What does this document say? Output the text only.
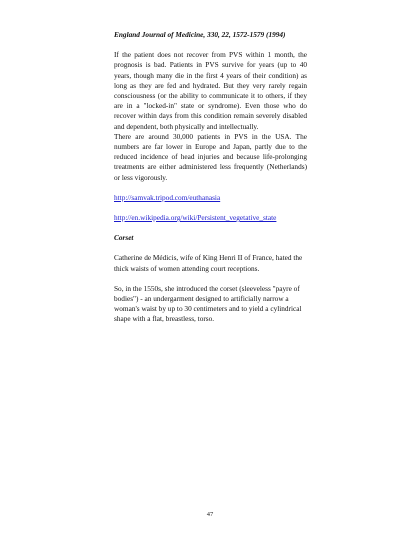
England Journal of Medicine, 330, 22, 1572-1579 (1994)

If the patient does not recover from PVS within 1 month, the prognosis is bad. Patients in PVS survive for years (up to 40 years, though many die in the first 4 years of their condition) as long as they are fed and hydrated. But they very rarely regain consciousness (or the ability to communicate it to others, if they are in a "locked-in" state or syndrome). Even those who do recover within days from this condition remain severely disabled and dependent, both physically and intellectually.

There are around 30,000 patients in PVS in the USA. The numbers are far lower in Europe and Japan, partly due to the reduced incidence of head injuries and because life-prolonging treatments are either administered less frequently (Netherlands) or less vigorously.

http://samvak.tripod.com/euthanasia
http://en.wikipedia.org/wiki/Persistent_vegetative_state

Corset

Catherine de Médicis, wife of King Henri II of France, hated the thick waists of women attending court receptions.

So, in the 1550s, she introduced the corset (sleeveless "payre of bodies") - an undergarment designed to artificially narrow a woman's waist by up to 30 centimeters and to yield a cylindrical shape with a flat, breastless, torso.

47
